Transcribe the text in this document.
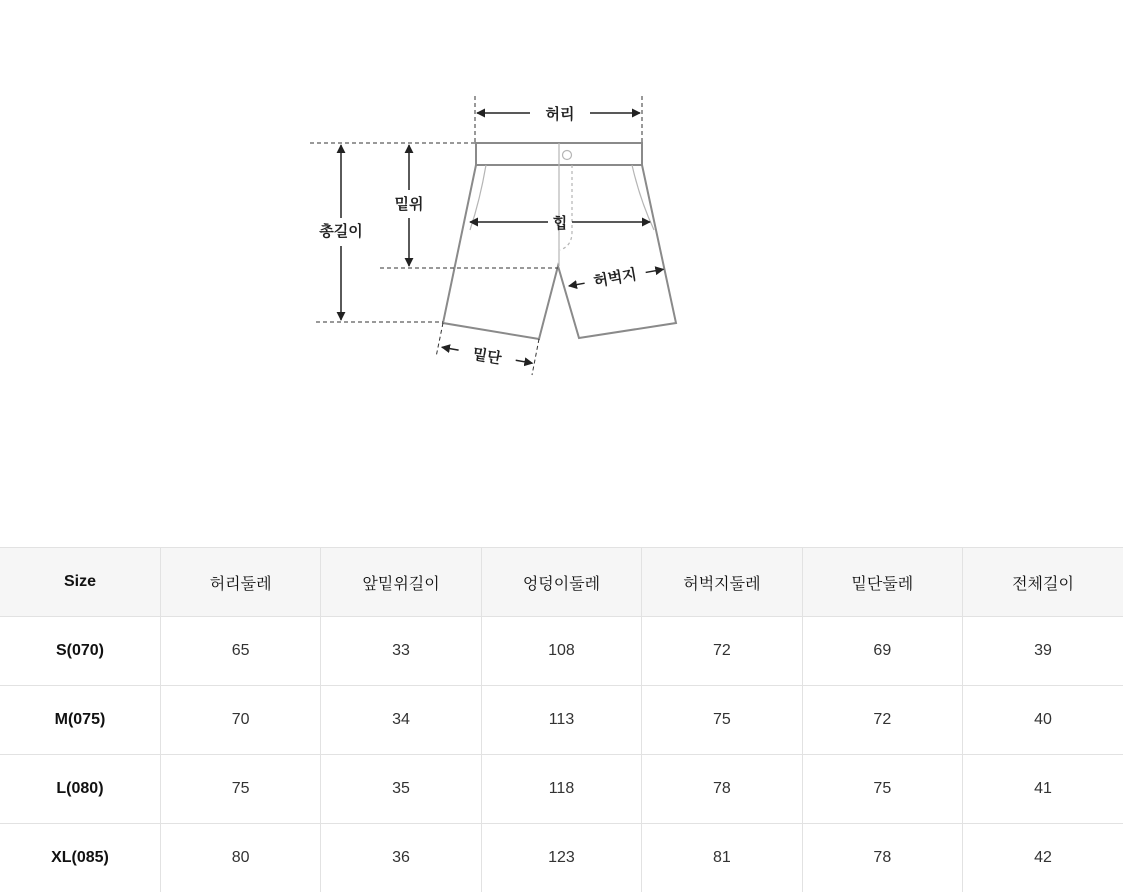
허리
밑위
총길이	힙
허벅지
밑단
Size	허리둘레	앞밑위길이	엉덩이둘레	허벅지둘레	밑단둘레	전체길이
S(070)	65	33	108	72	69	39
M(075)	70	34	113	75	72	40
L(080)	75	35	118	78	75	41
XL(085)	80	36	123	81	78	42
